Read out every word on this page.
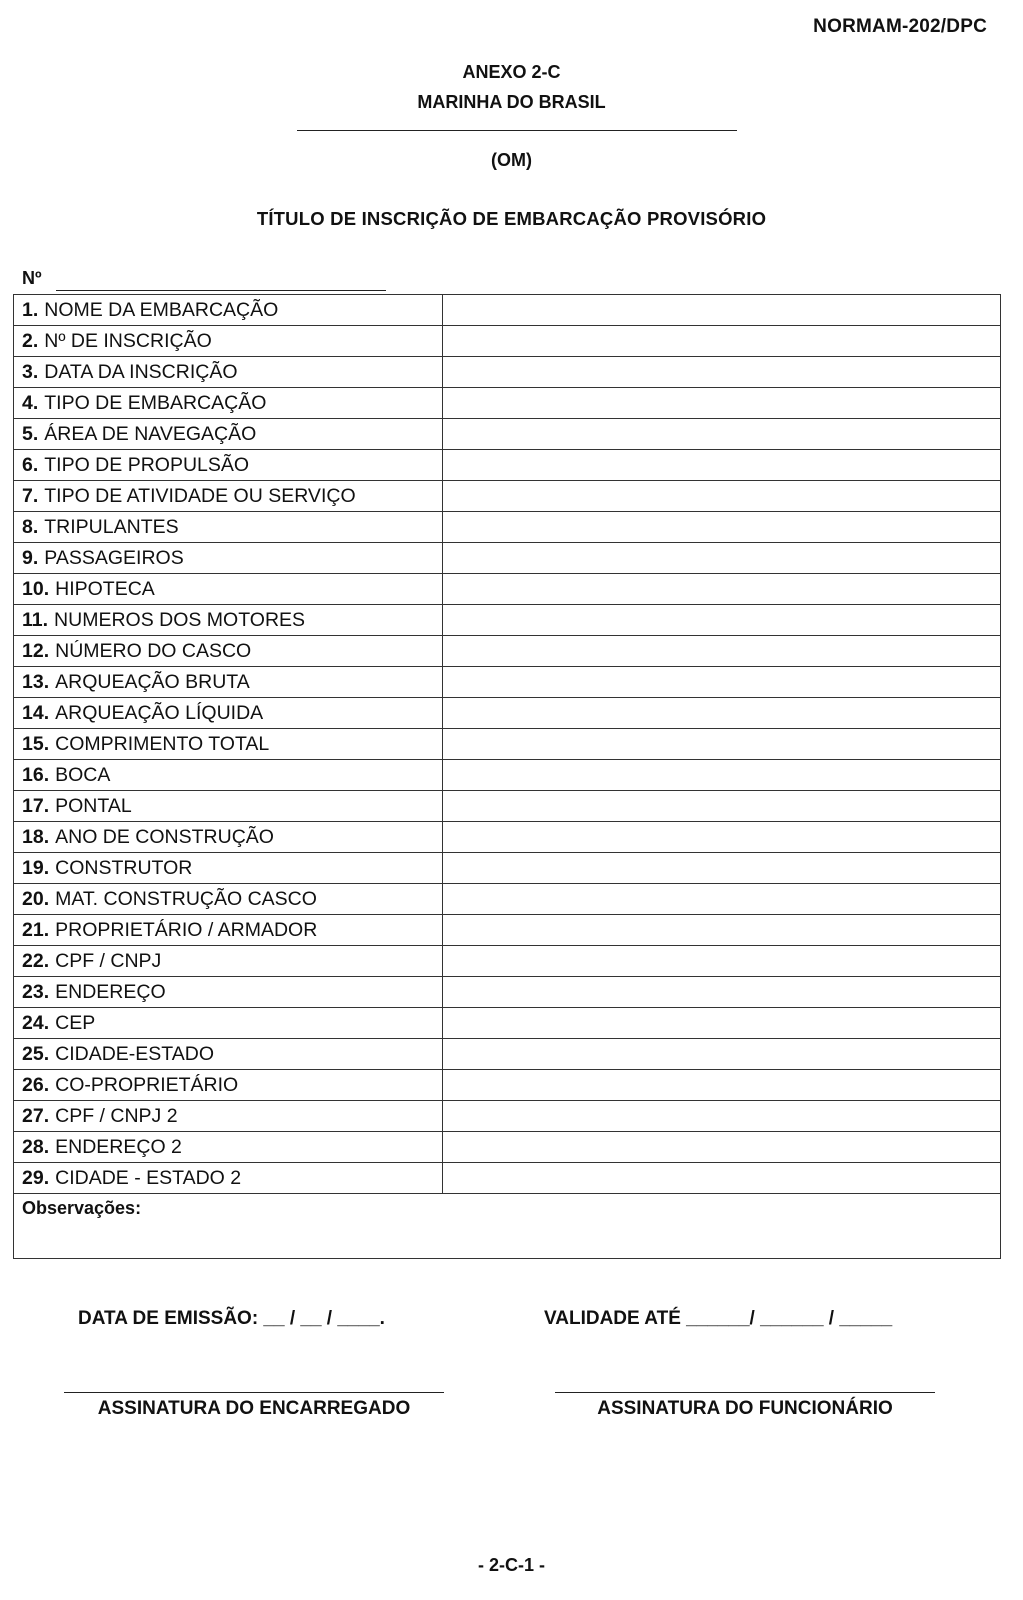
NORMAM-202/DPC
ANEXO 2-C
MARINHA DO BRASIL
(OM)
TÍTULO DE INSCRIÇÃO DE EMBARCAÇÃO PROVISÓRIO
Nº
1. NOME DA EMBARCAÇÃO	
2. Nº DE INSCRIÇÃO	
3. DATA DA INSCRIÇÃO	
4. TIPO DE EMBARCAÇÃO	
5. ÁREA DE NAVEGAÇÃO	
6. TIPO DE PROPULSÃO	
7. TIPO DE ATIVIDADE OU SERVIÇO	
8. TRIPULANTES	
9. PASSAGEIROS	
10. HIPOTECA	
11. NUMEROS DOS MOTORES	
12. NÚMERO DO CASCO	
13. ARQUEAÇÃO BRUTA	
14. ARQUEAÇÃO LÍQUIDA	
15. COMPRIMENTO TOTAL	
16. BOCA	
17. PONTAL	
18. ANO DE CONSTRUÇÃO	
19. CONSTRUTOR	
20. MAT. CONSTRUÇÃO CASCO	
21. PROPRIETÁRIO / ARMADOR	
22. CPF / CNPJ	
23. ENDEREÇO	
24. CEP	
25. CIDADE-ESTADO	
26. CO-PROPRIETÁRIO	
27. CPF / CNPJ 2	
28. ENDEREÇO 2	
29. CIDADE - ESTADO 2	
Observações:	
DATA DE EMISSÃO: __ / __ / ____.	VALIDADE ATÉ ______/ ______ / _____
ASSINATURA DO ENCARREGADO	ASSINATURA DO FUNCIONÁRIO
- 2-C-1 -
